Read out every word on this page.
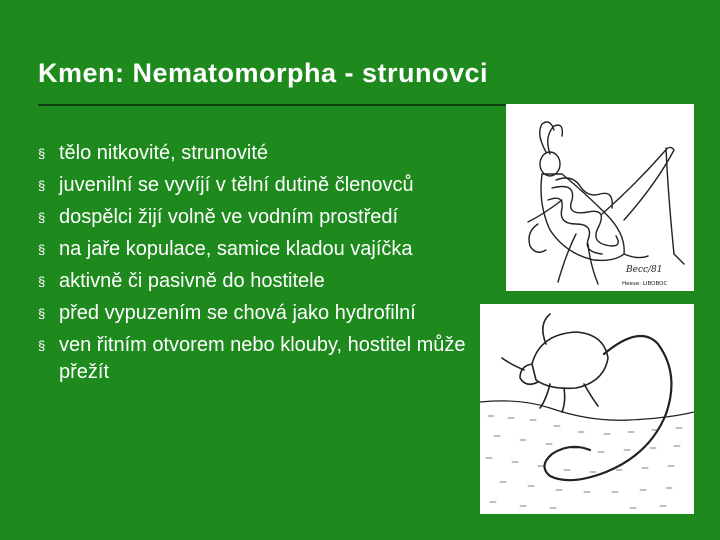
Kmen: Nematomorpha - strunovci
§ tělo nitkovité, strunovité
§ juvenilní se vyvíjí v tělní dutině členovců
§ dospělci žijí volně ve vodním prostředí
§ na jaře kopulace, samice kladou vajíčka
§ aktivně či pasivně do hostitele
§ před vypuzením se chová jako hydrofilní
§ ven řitním otvorem nebo klouby, hostitel může přežít
Becc/81
Heese: LIBOBOC
